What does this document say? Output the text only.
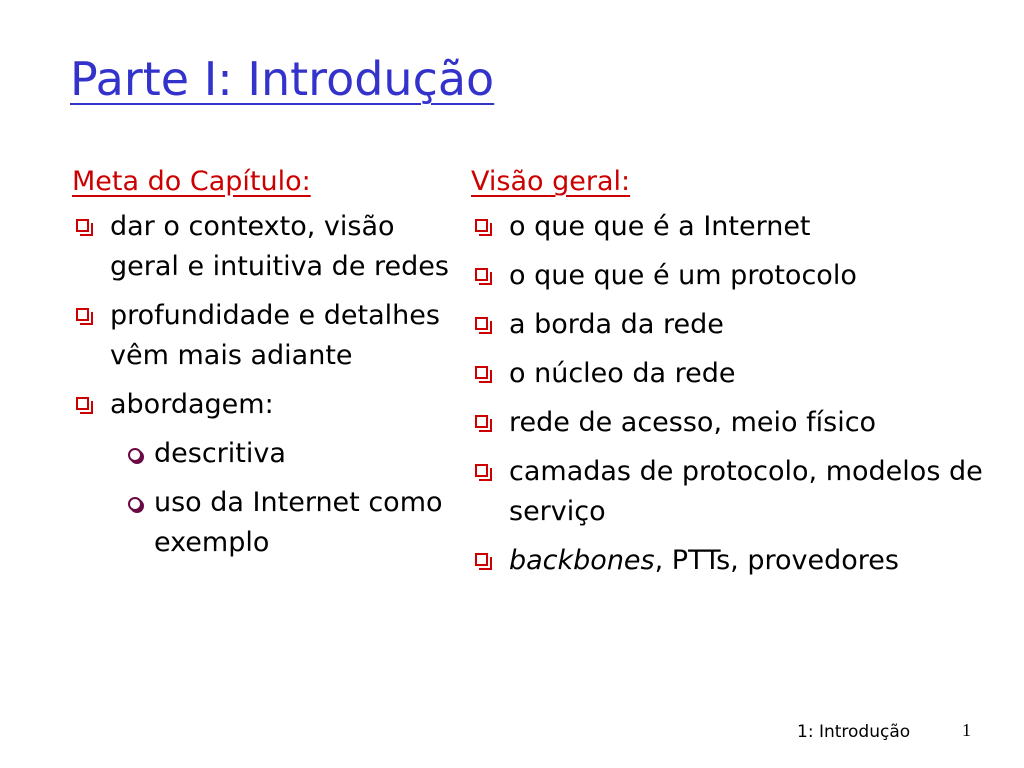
Parte I: Introdução
Meta do Capítulo:
dar o contexto, visão geral e intuitiva de redes
profundidade e detalhes vêm mais adiante
abordagem:
descritiva
uso da Internet como exemplo
Visão geral:
o que que é a Internet
o que que é um protocolo
a borda da rede
o núcleo da rede
rede de acesso, meio físico
camadas de protocolo, modelos de serviço
backbones, PTTs, provedores
1: Introdução	1
